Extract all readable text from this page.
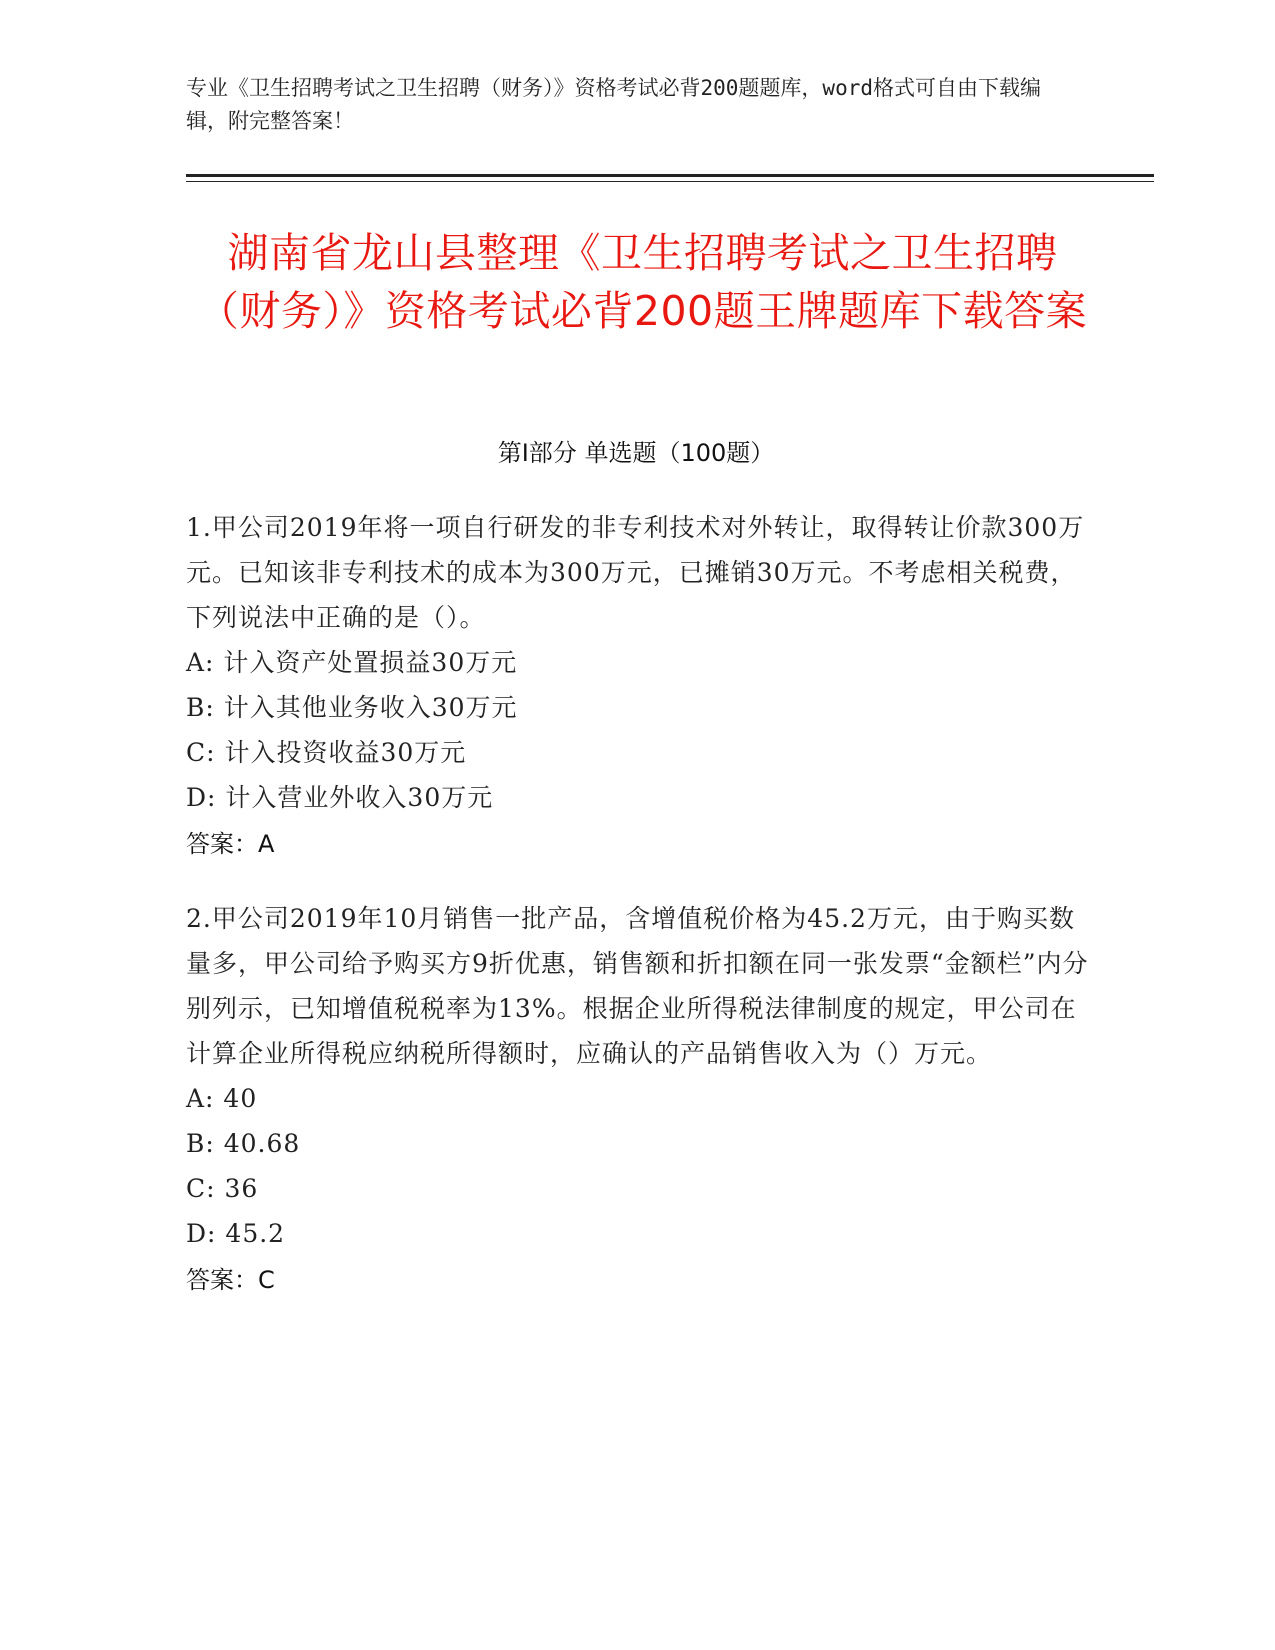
专业《卫生招聘考试之卫生招聘（财务）》资格考试必背200题题库，word格式可自由下载编辑，附完整答案！
湖南省龙山县整理《卫生招聘考试之卫生招聘（财务）》资格考试必背200题王牌题库下载答案
第I部分 单选题（100题）
1.甲公司2019年将一项自行研发的非专利技术对外转让，取得转让价款300万元。已知该非专利技术的成本为300万元，已摊销30万元。不考虑相关税费，下列说法中正确的是（）。
A: 计入资产处置损益30万元
B: 计入其他业务收入30万元
C: 计入投资收益30万元
D: 计入营业外收入30万元
答案：A
2.甲公司2019年10月销售一批产品，含增值税价格为45.2万元，由于购买数量多，甲公司给予购买方9折优惠，销售额和折扣额在同一张发票“金额栏”内分别列示，已知增值税税率为13%。根据企业所得税法律制度的规定，甲公司在计算企业所得税应纳税所得额时，应确认的产品销售收入为（）万元。
A: 40
B: 40.68
C: 36
D: 45.2
答案：C
